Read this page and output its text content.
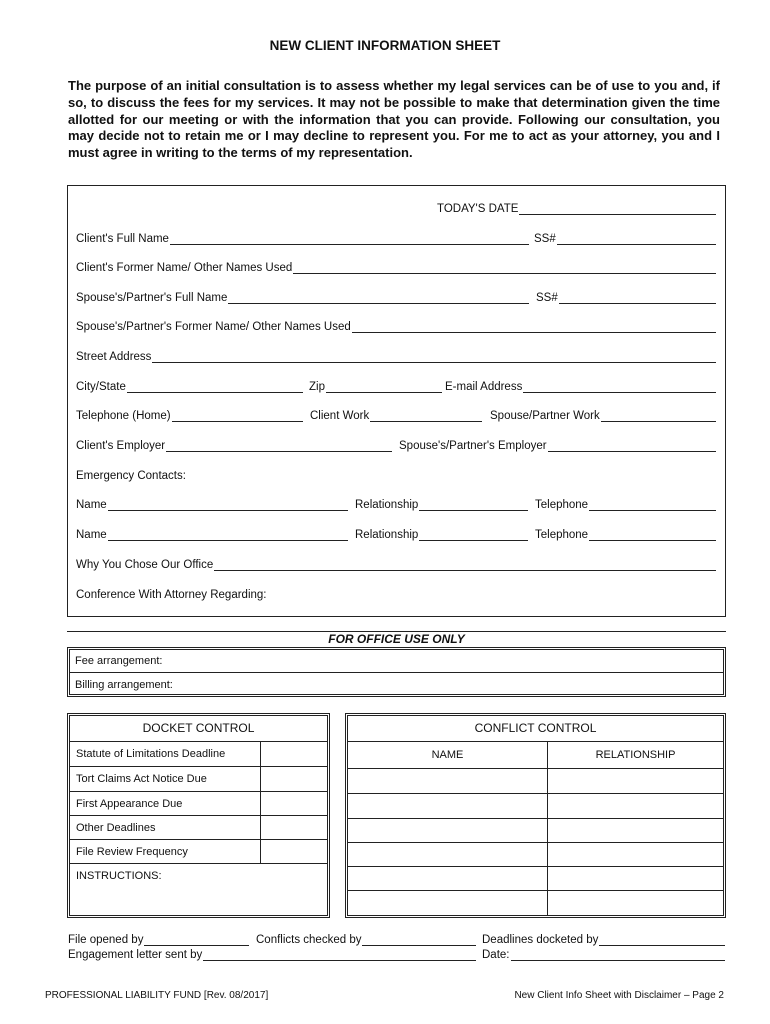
NEW CLIENT INFORMATION SHEET
The purpose of an initial consultation is to assess whether my legal services can be of use to you and, if so, to discuss the fees for my services. It may not be possible to make that determination given the time allotted for our meeting or with the information that you can provide. Following our consultation, you may decide not to retain me or I may decline to represent you. For me to act as your attorney, you and I must agree in writing to the terms of my representation.
TODAY'S DATE
Client's Full Name	SS#
Client's Former Name/ Other Names Used
Spouse's/Partner's Full Name	SS#
Spouse's/Partner's Former Name/ Other Names Used
Street Address
City/State	Zip	E-mail Address
Telephone (Home)	Client Work	Spouse/Partner Work
Client's Employer	Spouse's/Partner's Employer
Emergency Contacts:
Name	Relationship	Telephone
Name	Relationship	Telephone
Why You Chose Our Office
Conference With Attorney Regarding:
FOR OFFICE USE ONLY
Fee arrangement:
Billing arrangement:
DOCKET CONTROL
Statute of Limitations Deadline
Tort Claims Act Notice Due
First Appearance Due
Other Deadlines
File Review Frequency
INSTRUCTIONS:
CONFLICT CONTROL
NAME	RELATIONSHIP
File opened by	Conflicts checked by	Deadlines docketed by
Engagement letter sent by	Date:
PROFESSIONAL LIABILITY FUND [Rev. 08/2017]	New Client Info Sheet with Disclaimer – Page 2
